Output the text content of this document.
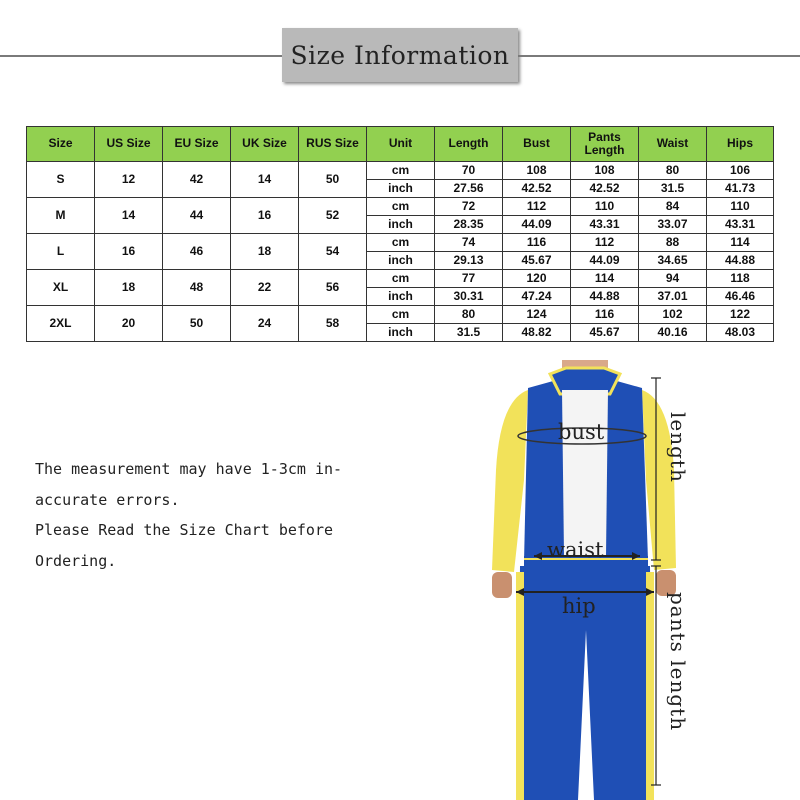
Size Information
Size	US Size	EU Size	UK Size	RUS Size	Unit	Length	Bust	Pants Length	Waist	Hips
S	12	42	14	50	cm	70	108	108	80	106
					inch	27.56	42.52	42.52	31.5	41.73
M	14	44	16	52	cm	72	112	110	84	110
					inch	28.35	44.09	43.31	33.07	43.31
L	16	46	18	54	cm	74	116	112	88	114
					inch	29.13	45.67	44.09	34.65	44.88
XL	18	48	22	56	cm	77	120	114	94	118
					inch	30.31	47.24	44.88	37.01	46.46
2XL	20	50	24	58	cm	80	124	116	102	122
					inch	31.5	48.82	45.67	40.16	48.03
The measurement may have 1-3cm in-
accurate errors.
Please Read the Size Chart before
Ordering.
bust
waist
hip
length
pants length
